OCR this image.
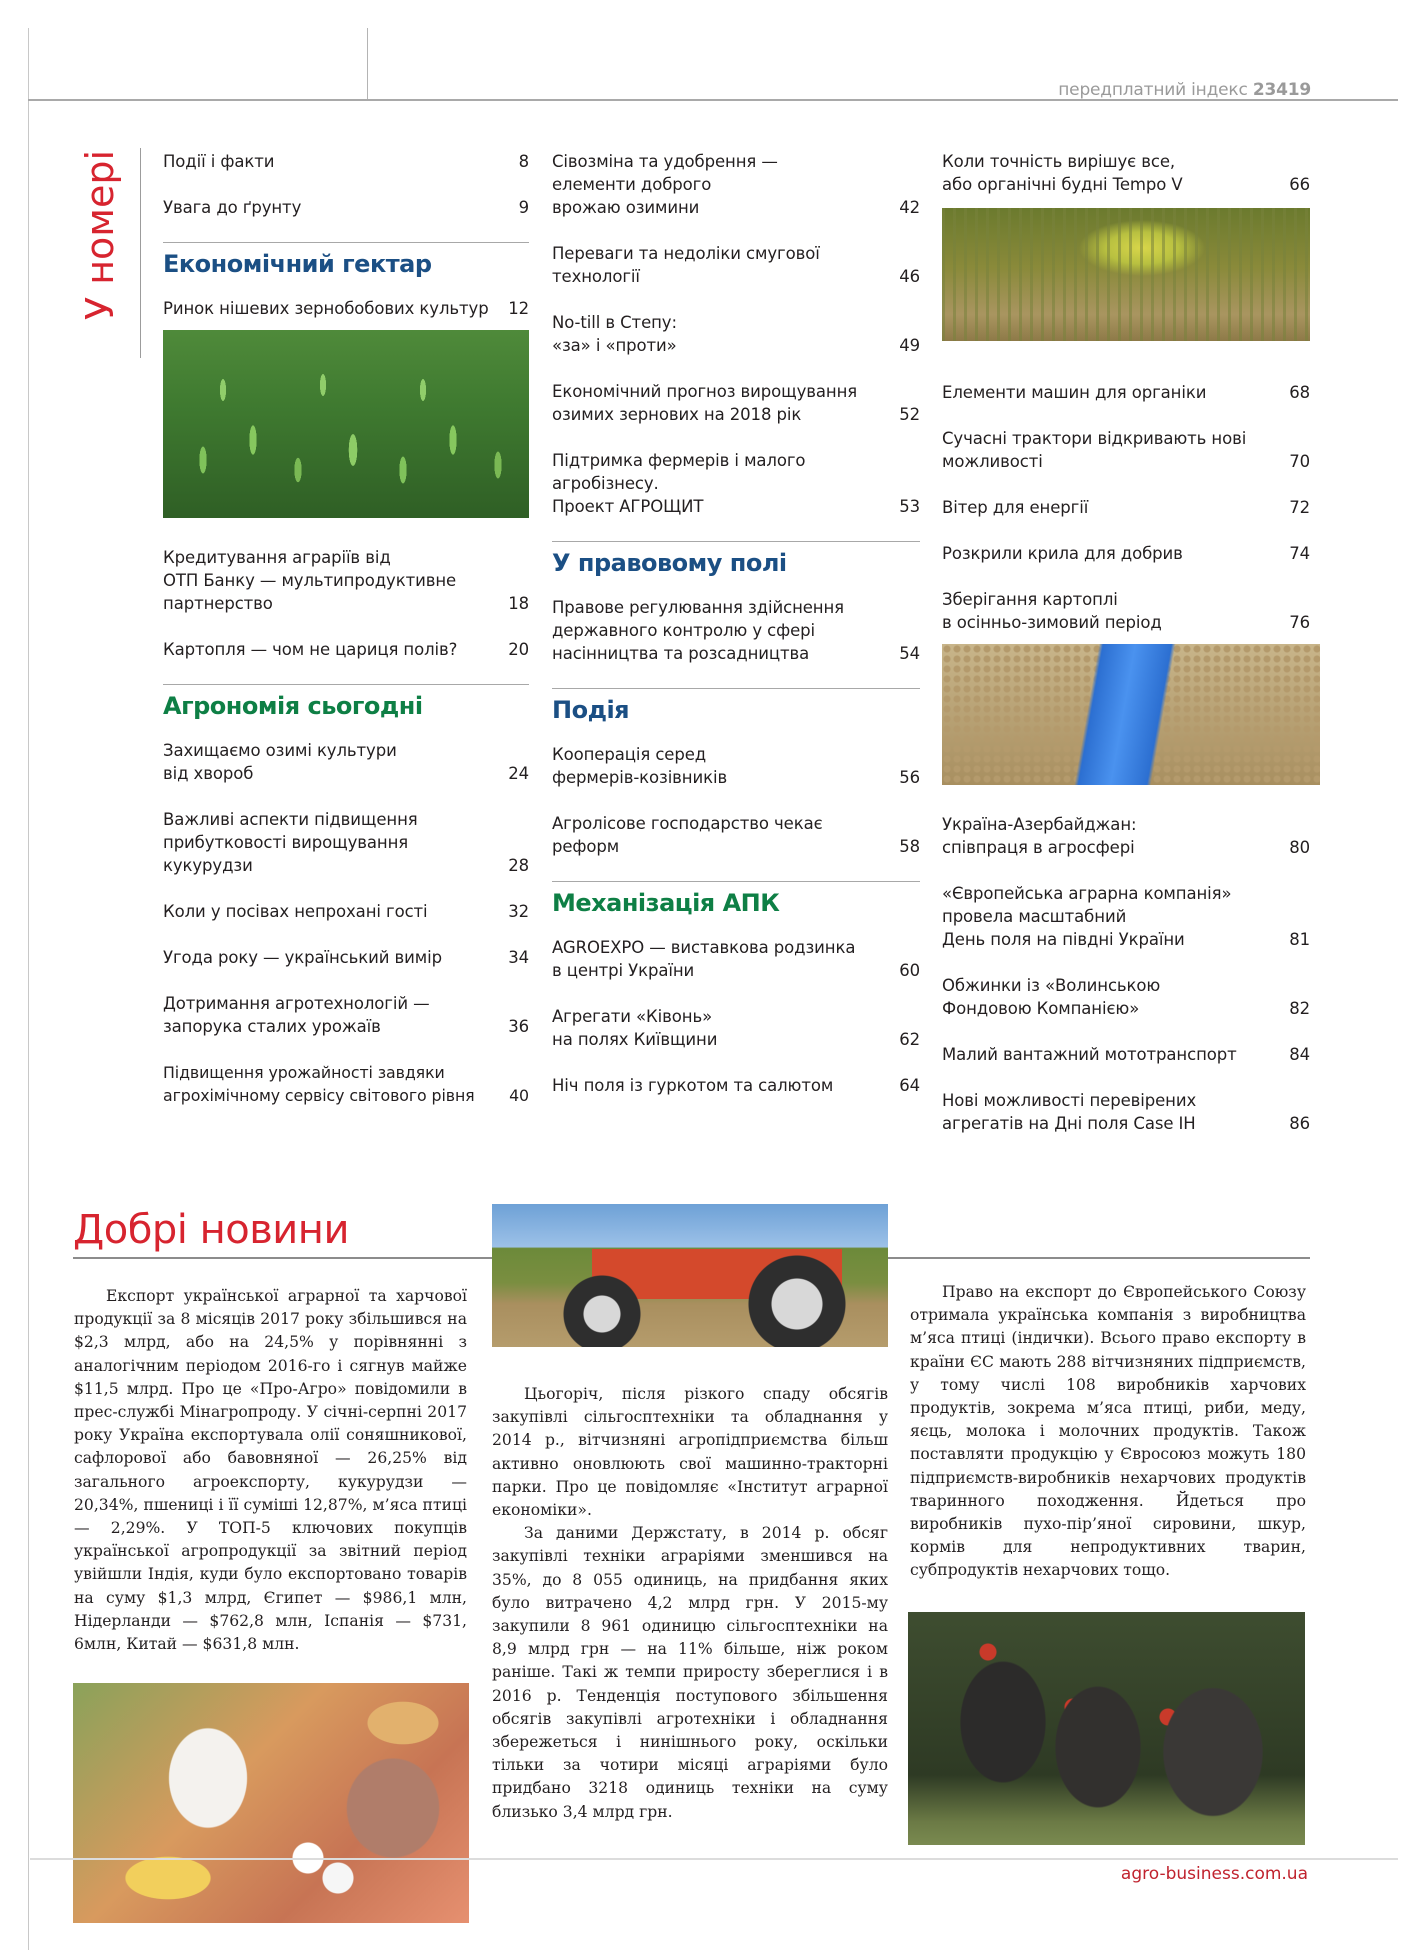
передплатний індекс 23419
У номері Події і факти	8
Увага до ґрунту	9
Економічний гектар
Ринок нішевих зернобобових культур	12
Кредитування аграріїв від
ОТП Банку — мультипродуктивне
партнерство	18
Картопля — чом не цариця полів?	20
Агрономія сьогодні
Захищаємо озимі культури
від хвороб	24
Важливі аспекти підвищення
прибутковості вирощування
кукурудзи	28
Коли у посівах непрохані гості	32
Угода року — український вимір	34
Дотримання агротехнологій —
запорука сталих урожаїв	36
Підвищення урожайності завдяки
агрохімічному сервісу світового рівня	40
Сівозміна та удобрення —
елементи доброго
врожаю озимини	42
Переваги та недоліки смугової
технології	46
No-till в Степу:
«за» і «проти»	49
Економічний прогноз вирощування
озимих зернових на 2018 рік	52
Підтримка фермерів і малого
агробізнесу.
Проект АГРОЩИТ	53
У правовому полі
Правове регулювання здійснення
державного контролю у сфері
насінництва та розсадництва	54
Подія
Кооперація серед
фермерів-козівників	56
Агролісове господарство чекає
реформ	58
Механізація АПК
AGROEXPO — виставкова родзинка
в центрі України	60
Агрегати «Ківонь»
на полях Київщини	62
Ніч поля із гуркотом та салютом	64
Коли точність вирішує все,
або органічні будні Tempo V	66
Елементи машин для органіки	68
Сучасні трактори відкривають нові
можливості	70
Вітер для енергії	72
Розкрили крила для добрив	74
Зберігання картоплі
в осінньо-зимовий період	76
Україна-Азербайджан:
співпраця в агросфері	80
«Європейська аграрна компанія»
провела масштабний
День поля на півдні України	81
Обжинки із «Волинською
Фондовою Компанією»	82
Малий вантажний мототранспорт	84
Нові можливості перевірених
агрегатів на Дні поля Case IH	86
Добрі новини

Експорт української аграрної та харчової продукції за 8 місяців 2017 року збільшився на $2,3 млрд, або на 24,5% у порівнянні з аналогічним періодом 2016-го і сягнув майже $11,5 млрд. Про це «Про-Агро» повідомили в прес-службі Мінагропроду. У січні-серпні 2017 року Україна експортувала олії соняшникової, сафлорової або бавовняної — 26,25% від загального агроекспорту, кукурудзи — 20,34%, пшениці і її суміші 12,87%, м’яса птиці — 2,29%. У ТОП-5 ключових покупців української агропродукції за звітний період увійшли Індія, куди було експортовано товарів на суму $1,3 млрд, Єгипет — $986,1 млн, Нідерланди — $762,8 млн, Іспанія — $731, 6млн, Китай — $631,8 млн.

Цьогоріч, після різкого спаду обсягів закупівлі сільгосптехніки та обладнання у 2014 р., вітчизняні агропідприємства більш активно оновлюють свої машинно-тракторні парки. Про це повідомляє «Інститут аграрної економіки».

За даними Держстату, в 2014 р. обсяг закупівлі техніки аграріями зменшився на 35%, до 8 055 одиниць, на придбання яких було витрачено 4,2 млрд грн. У 2015-му закупили 8 961 одиницю сільгосптехніки на 8,9 млрд грн — на 11% більше, ніж роком раніше. Такі ж темпи приросту збереглися і в 2016 р. Тенденція поступового збільшення обсягів закупівлі агротехніки і обладнання збережеться і нинішнього року, оскільки тільки за чотири місяці аграріями було придбано 3218 одиниць техніки на суму близько 3,4 млрд грн.

Право на експорт до Європейського Союзу отримала українська компанія з виробництва м’яса птиці (індички). Всього право експорту в країни ЄС мають 288 вітчизняних підприємств, у тому числі 108 виробників харчових продуктів, зокрема м’яса птиці, риби, меду, яєць, молока і молочних продуктів. Також поставляти продукцію у Євросоюз можуть 180 підприємств-виробників нехарчових продуктів тваринного походження. Йдеться про виробників пухо-пір’яної сировини, шкур, кормів для непродуктивних тварин, субпродуктів нехарчових тощо.

agro-business.com.ua
